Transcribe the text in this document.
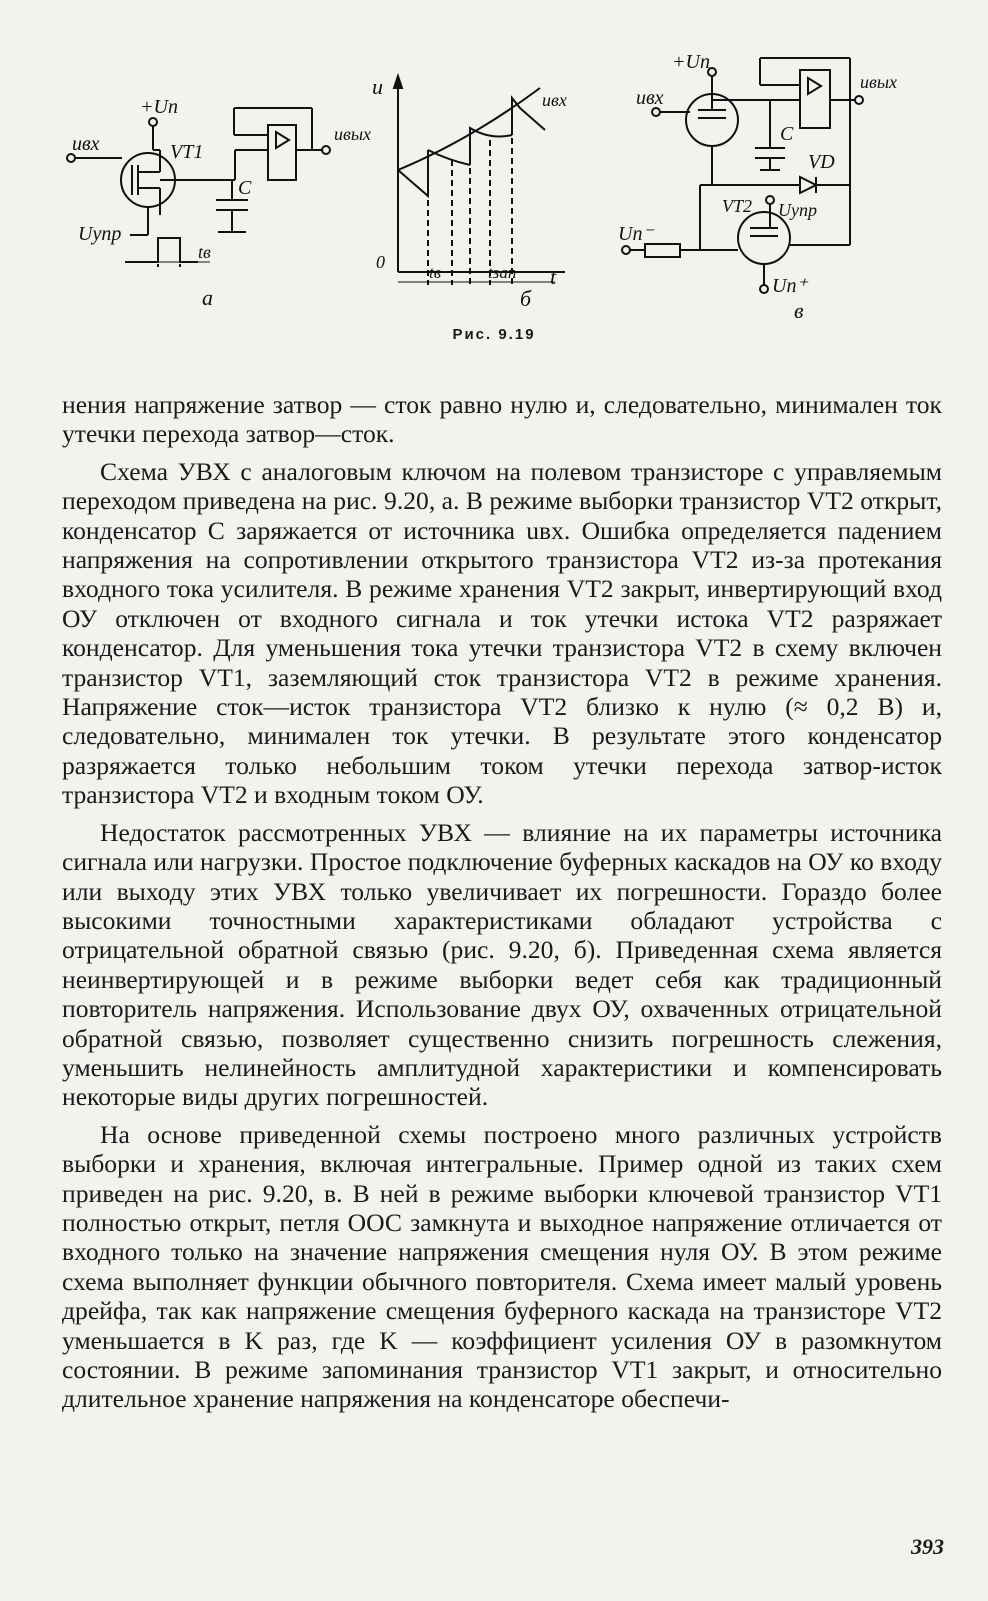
+Uп
uвх	VT1
uвых
C
Uупр
tв
а
u
uвх
0
tв	tзап t
б
+Uп
uвх
uвых
C
VD
VT2 Uупр
Uп⁻
Uп⁺
в
Рис. 9.19

нения напряжение затвор — сток равно нулю и, следовательно, минимален ток утечки перехода затвор—сток.

Схема УВХ с аналоговым ключом на полевом транзисторе с управляемым переходом приведена на рис. 9.20, а. В режиме выборки транзистор VT2 открыт, конденсатор C заряжается от источника uвх. Ошибка определяется падением напряжения на сопротивлении открытого транзистора VT2 из-за протекания входного тока усилителя. В режиме хранения VT2 закрыт, инвертирующий вход ОУ отключен от входного сигнала и ток утечки истока VT2 разряжает конденсатор. Для уменьшения тока утечки транзистора VT2 в схему включен транзистор VT1, заземляющий сток транзистора VT2 в режиме хранения. Напряжение сток—исток транзистора VT2 близко к нулю (≈ 0,2 В) и, следовательно, минимален ток утечки. В результате этого конденсатор разряжается только небольшим током утечки перехода затвор-исток транзистора VT2 и входным током ОУ.

Недостаток рассмотренных УВХ — влияние на их параметры источника сигнала или нагрузки. Простое подключение буферных каскадов на ОУ ко входу или выходу этих УВХ только увеличивает их погрешности. Гораздо более высокими точностными характеристиками обладают устройства с отрицательной обратной связью (рис. 9.20, б). Приведенная схема является неинвертирующей и в режиме выборки ведет себя как традиционный повторитель напряжения. Использование двух ОУ, охваченных отрицательной обратной связью, позволяет существенно снизить погрешность слежения, уменьшить нелинейность амплитудной характеристики и компенсировать некоторые виды других погрешностей.

На основе приведенной схемы построено много различных устройств выборки и хранения, включая интегральные. Пример одной из таких схем приведен на рис. 9.20, в. В ней в режиме выборки ключевой транзистор VT1 полностью открыт, петля ООС замкнута и выходное напряжение отличается от входного только на значение напряжения смещения нуля ОУ. В этом режиме схема выполняет функции обычного повторителя. Схема имеет малый уровень дрейфа, так как напряжение смещения буферного каскада на транзисторе VT2 уменьшается в K раз, где K — коэффициент усиления ОУ в разомкнутом состоянии. В режиме запоминания транзистор VT1 закрыт, и относительно длительное хранение напряжения на конденсаторе обеспечи-

393
